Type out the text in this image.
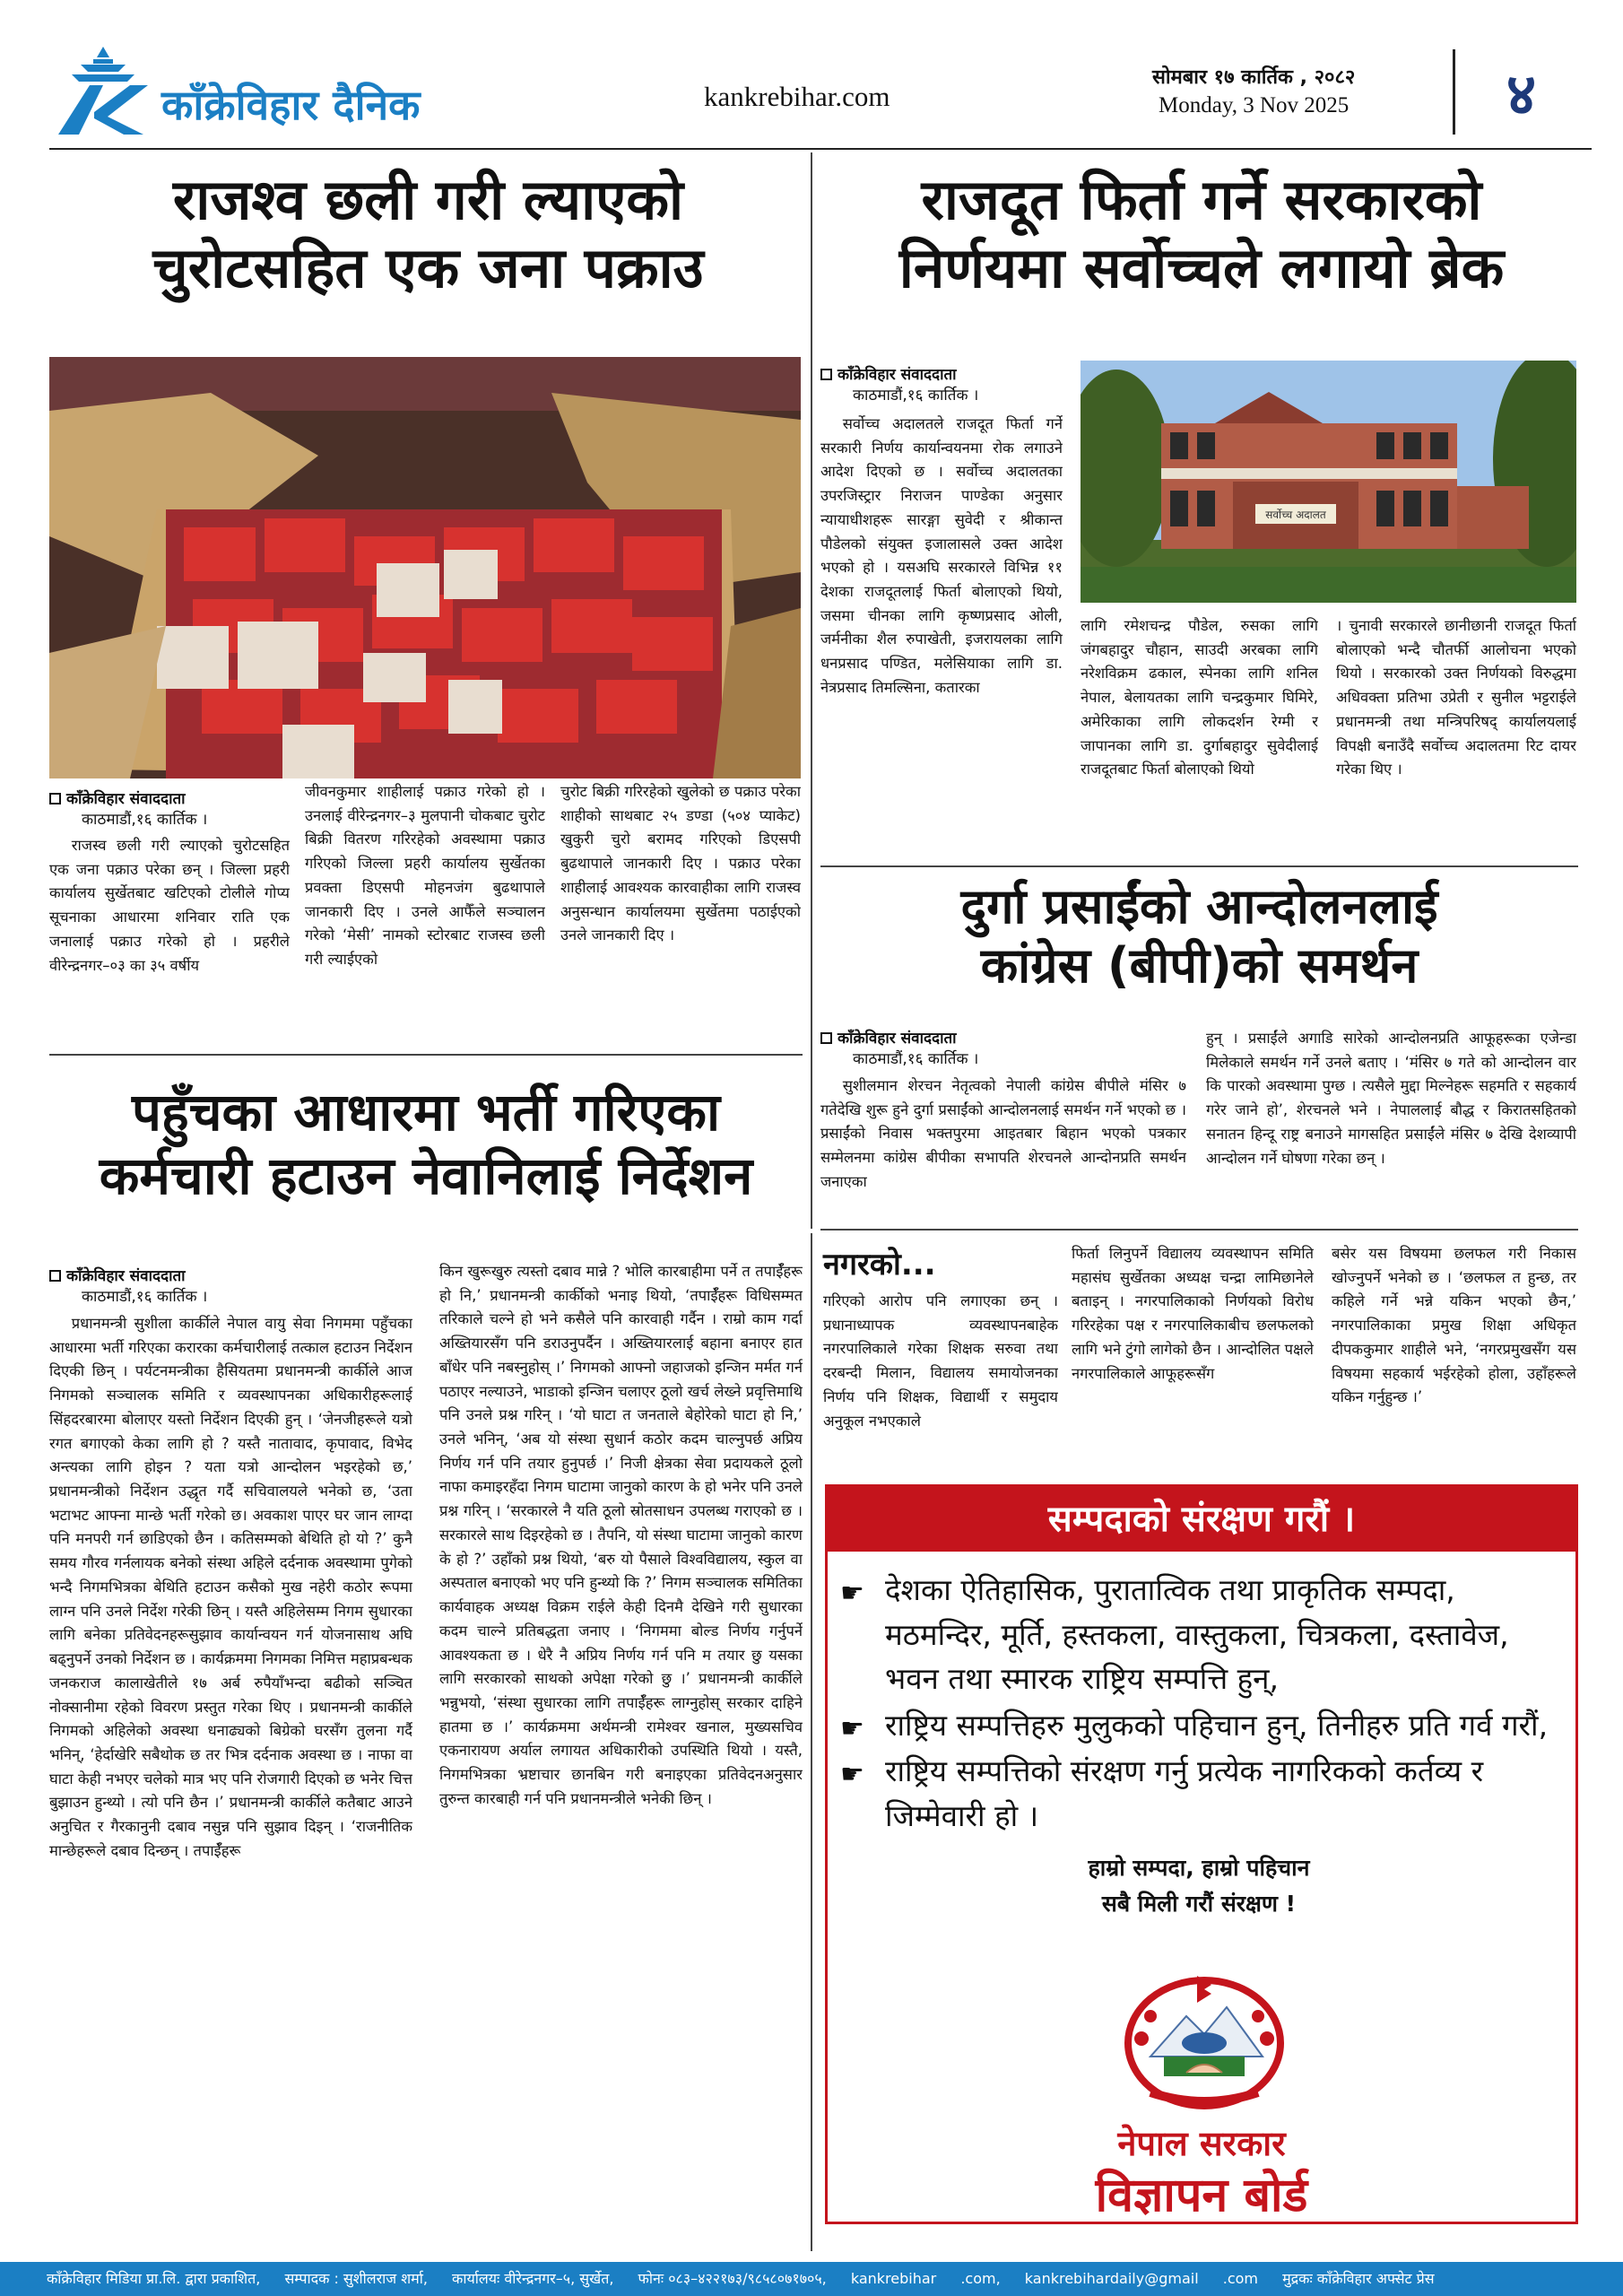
काँक्रेविहार दैनिक	kankrebihar.com
सोमबार १७ कार्तिक , २०८२
Monday, 3 Nov 2025	४
राजश्व छली गरी ल्याएको
चुरोटसहित एक जना पक्राउ
काँक्रेविहार संवाददाता
काठमाडौं,१६ कार्तिक ।

राजस्व छली गरी ल्याएको चुरोटसहित एक जना पक्राउ परेका छन् । जिल्ला प्रहरी कार्यालय सुर्खेतबाट खटिएको टोलीले गोप्य सूचनाका आधारमा शनिवार राति एक जनालाई पक्राउ गरेको हो । प्रहरीले वीरेन्द्रनगर–०३ का ३५ वर्षीय

जीवनकुमार शाहीलाई पक्राउ गरेको हो । उनलाई वीरेन्द्रनगर–३ मुलपानी चोकबाट चुरोट बिक्री वितरण गरिरहेको अवस्थामा पक्राउ गरिएको जिल्ला प्रहरी कार्यालय सुर्खेतका प्रवक्ता डिएसपी मोहनजंग बुढथापाले जानकारी दिए । उनले आफैँले सञ्चालन गरेको ‘मेसी’ नामको स्टोरबाट राजस्व छली गरी ल्याईएको

चुरोट बिक्री गरिरहेको खुलेको छ पक्राउ परेका शाहीको साथबाट २५ डण्डा (५०४ प्याकेट) खुकुरी चुरो बरामद गरिएको डिएसपी बुढथापाले जानकारी दिए । पक्राउ परेका शाहीलाई आवश्यक कारवाहीका लागि राजस्व अनुसन्धान कार्यालयमा सुर्खेतमा पठाईएको उनले जानकारी दिए ।

राजदूत फिर्ता गर्ने सरकारको
निर्णयमा सर्वोच्चले लगायो ब्रेक
काँक्रेविहार संवाददाता
काठमाडौं,१६ कार्तिक ।

सर्वोच्च अदालतले राजदूत फिर्ता गर्ने सरकारी निर्णय कार्यान्वयनमा रोक लगाउने आदेश दिएको छ । सर्वोच्च अदालतका उपरजिस्ट्रार निराजन पाण्डेका अनुसार न्यायाधीशहरू सारङ्गा सुवेदी र श्रीकान्त पौडेलको संयुक्त इजालासले उक्त आदेश भएको हो । यसअघि सरकारले विभिन्न ११ देशका राजदूतलाई फिर्ता बोलाएको थियो, जसमा चीनका लागि कृष्णप्रसाद ओली, जर्मनीका शैल रुपाखेती, इजरायलका लागि धनप्रसाद पण्डित, मलेसियाका लागि डा. नेत्रप्रसाद तिमल्सिना, कतारका

सर्वोच्च अदालत

लागि रमेशचन्द्र पौडेल, रुसका लागि जंगबहादुर चौहान, साउदी अरबका लागि नरेशविक्रम ढकाल, स्पेनका लागि शनिल नेपाल, बेलायतका लागि चन्द्रकुमार घिमिरे, अमेरिकाका लागि लोकदर्शन रेग्मी र जापानका लागि डा. दुर्गाबहादुर सुवेदीलाई राजदूतबाट फिर्ता बोलाएको थियो

। चुनावी सरकारले छानीछानी राजदूत फिर्ता बोलाएको भन्दै चौतर्फी आलोचना भएको थियो । सरकारको उक्त निर्णयको विरुद्धमा अधिवक्ता प्रतिभा उप्रेती र सुनील भट्टराईले प्रधानमन्त्री तथा मन्त्रिपरिषद् कार्यालयलाई विपक्षी बनाउँदै सर्वोच्च अदालतमा रिट दायर गरेका थिए ।

दुर्गा प्रसाईंको आन्दोलनलाई
कांग्रेस (बीपी)को समर्थन
काँक्रेविहार संवाददाता
काठमाडौं,१६ कार्तिक ।

सुशीलमान शेरचन नेतृत्वको नेपाली कांग्रेस बीपीले मंसिर ७ गतेदेखि शुरू हुने दुर्गा प्रसाईंको आन्दोलनलाई समर्थन गर्ने भएको छ । प्रसाईंको निवास भक्तपुरमा आइतबार बिहान भएको पत्रकार सम्मेलनमा कांग्रेस बीपीका सभापति शेरचनले आन्दोनप्रति समर्थन जनाएका

हुन् । प्रसाईंले अगाडि सारेको आन्दोलनप्रति आफूहरूका एजेन्डा मिलेकाले समर्थन गर्ने उनले बताए । ‘मंसिर ७ गते को आन्दोलन वार कि पारको अवस्थामा पुग्छ । त्यसैले मुद्दा मिल्नेहरू सहमति र सहकार्य गरेर जाने हो’, शेरचनले भने । नेपाललाई बौद्ध र किरातसहितको सनातन हिन्दू राष्ट्र बनाउने मागसहित प्रसाईंले मंसिर ७ देखि देशव्यापी आन्दोलन गर्ने घोषणा गरेका छन् ।

पहुँचका आधारमा भर्ती गरिएका
कर्मचारी हटाउन नेवानिलाई निर्देशन
काँक्रेविहार संवाददाता
काठमाडौं,१६ कार्तिक ।

प्रधानमन्त्री सुशीला कार्कीले नेपाल वायु सेवा निगममा पहुँचका आधारमा भर्ती गरिएका करारका कर्मचारीलाई तत्काल हटाउन निर्देशन दिएकी छिन् । पर्यटनमन्त्रीका हैसियतमा प्रधानमन्त्री कार्कीले आज निगमको सञ्चालक समिति र व्यवस्थापनका अधिकारीहरूलाई सिंहदरबारमा बोलाएर यस्तो निर्देशन दिएकी हुन् । ‘जेनजीहरूले यत्रो रगत बगाएको केका लागि हो ? यस्तै नातावाद, कृपावाद, विभेद अन्त्यका लागि होइन ? यता यत्रो आन्दोलन भइरहेको छ,’ प्रधानमन्त्रीको निर्देशन उद्धृत गर्दै सचिवालयले भनेको छ, ‘उता भटाभट आफ्ना मान्छे भर्ती गरेको छ। अवकाश पाएर घर जान लाग्दा पनि मनपरी गर्न छाडिएको छैन । कतिसम्मको बेथिति हो यो ?’ कुनै समय गौरव गर्नलायक बनेको संस्था अहिले दर्दनाक अवस्थामा पुगेको भन्दै निगमभित्रका बेथिति हटाउन कसैको मुख नहेरी कठोर रूपमा लाग्न पनि उनले निर्देश गरेकी छिन् । यस्तै अहिलेसम्म निगम सुधारका लागि बनेका प्रतिवेदनहरूसुझाव कार्यान्वयन गर्न योजनासाथ अघि बढ्नुपर्ने उनको निर्देशन छ । कार्यक्रममा निगमका निमित्त महाप्रबन्धक जनकराज कालाखेतीले १७ अर्ब रुपैयाँभन्दा बढीको सञ्चित नोक्सानीमा रहेको विवरण प्रस्तुत गरेका थिए । प्रधानमन्त्री कार्कीले निगमको अहिलेको अवस्था धनाढ्यको बिग्रेको घरसँग तुलना गर्दै भनिन्, ‘हेर्दाखेरि सबैथोक छ तर भित्र दर्दनाक अवस्था छ । नाफा वा घाटा केही नभएर चलेको मात्र भए पनि रोजगारी दिएको छ भनेर चित्त बुझाउन हुन्थ्यो । त्यो पनि छैन ।’ प्रधानमन्त्री कार्कीले कतैबाट आउने अनुचित र गैरकानुनी दबाव नसुन्न पनि सुझाव दिइन् । ‘राजनीतिक मान्छेहरूले दबाव दिन्छन् । तपाईँहरू

किन खुरूखुरु त्यस्तो दबाव मान्ने ? भोलि कारबाहीमा पर्ने त तपाईँहरू हो नि,’ प्रधानमन्त्री कार्कीको भनाइ थियो, ‘तपाईँहरू विधिसम्मत तरिकाले चल्ने हो भने कसैले पनि कारवाही गर्दैन । राम्रो काम गर्दा अख्तियारसँग पनि डराउनुपर्दैन । अख्तियारलाई बहाना बनाएर हात बाँधेर पनि नबस्नुहोस् ।’ निगमको आफ्नो जहाजको इन्जिन मर्मत गर्न पठाएर नल्याउने, भाडाको इन्जिन चलाएर ठूलो खर्च लेख्ने प्रवृत्तिमाथि पनि उनले प्रश्न गरिन् । ‘यो घाटा त जनताले बेहोरेको घाटा हो नि,’ उनले भनिन्, ‘अब यो संस्था सुधार्न कठोर कदम चाल्नुपर्छ अप्रिय निर्णय गर्न पनि तयार हुनुपर्छ ।’ निजी क्षेत्रका सेवा प्रदायकले ठूलो नाफा कमाइरहँदा निगम घाटामा जानुको कारण के हो भनेर पनि उनले प्रश्न गरिन् । ‘सरकारले नै यति ठूलो स्रोतसाधन उपलब्ध गराएको छ । सरकारले साथ दिइरहेको छ । तैपनि, यो संस्था घाटामा जानुको कारण के हो ?’ उहाँको प्रश्न थियो, ‘बरु यो पैसाले विश्वविद्यालय, स्कुल वा अस्पताल बनाएको भए पनि हुन्थ्यो कि ?’ निगम सञ्चालक समितिका कार्यवाहक अध्यक्ष विक्रम राईले केही दिनमै देखिने गरी सुधारका कदम चाल्ने प्रतिबद्धता जनाए । ‘निगममा बोल्ड निर्णय गर्नुपर्ने आवश्यकता छ । धेरै नै अप्रिय निर्णय गर्न पनि म तयार छु यसका लागि सरकारको साथको अपेक्षा गरेको छु ।’ प्रधानमन्त्री कार्कीले भन्नुभयो, ‘संस्था सुधारका लागि तपाईँहरू लाग्नुहोस् सरकार दाहिने हातमा छ ।’ कार्यक्रममा अर्थमन्त्री रामेश्वर खनाल, मुख्यसचिव एकनारायण अर्याल लगायत अधिकारीको उपस्थिति थियो । यस्तै, निगमभित्रका भ्रष्टाचार छानबिन गरी बनाइएका प्रतिवेदनअनुसार तुरुन्त कारबाही गर्न पनि प्रधानमन्त्रीले भनेकी छिन् ।

नगरको...

गरिएको आरोप पनि लगाएका छन् । प्रधानाध्यापक व्यवस्थापनबाहेक नगरपालिकाले गरेका शिक्षक सरुवा तथा दरबन्दी मिलान, विद्यालय समायोजनका निर्णय पनि शिक्षक, विद्यार्थी र समुदाय अनुकूल नभएकाले

फिर्ता लिनुपर्ने विद्यालय व्यवस्थापन समिति महासंघ सुर्खेतका अध्यक्ष चन्द्रा लामिछानेले बताइन् । नगरपालिकाको निर्णयको विरोध गरिरहेका पक्ष र नगरपालिकाबीच छलफलको लागि भने टुंगो लागेको छैन । आन्दोलित पक्षले नगरपालिकाले आफूहरूसँग

बसेर यस विषयमा छलफल गरी निकास खोज्नुपर्ने भनेको छ । ‘छलफल त हुन्छ, तर कहिले गर्ने भन्ने यकिन भएको छैन,’ नगरपालिकाका प्रमुख शिक्षा अधिकृत दीपककुमार शाहीले भने, ‘नगरप्रमुखसँग यस विषयमा सहकार्य भईरहेको होला, उहाँहरूले यकिन गर्नुहुन्छ ।’

सम्पदाको संरक्षण गरौं ।
☛ देशका ऐतिहासिक, पुरातात्विक तथा प्राकृतिक सम्पदा, मठमन्दिर, मूर्ति, हस्तकला, वास्तुकला, चित्रकला, दस्तावेज, भवन तथा स्मारक राष्ट्रिय सम्पत्ति हुन्,
☛ राष्ट्रिय सम्पत्तिहरु मुलुकको पहिचान हुन्, तिनीहरु प्रति गर्व गरौं,
☛ राष्ट्रिय सम्पत्तिको संरक्षण गर्नु प्रत्येक नागरिकको कर्तव्य र जिम्मेवारी हो ।
हाम्रो सम्पदा, हाम्रो पहिचान
सबै मिली गरौं संरक्षण !
नेपाल सरकार
विज्ञापन बोर्ड
काँक्रेविहार मिडिया प्रा.लि. द्वारा प्रकाशित, सम्पादक : सुशीलराज शर्मा, कार्यालयः वीरेन्द्रनगर–५, सुर्खेत, फोनः ०८३–४२२१७३/९८५८०७१७०५, kankrebihar .com, kankrebihardaily@gmail .com मुद्रकः काँक्रेविहार अफ्सेट प्रेस
